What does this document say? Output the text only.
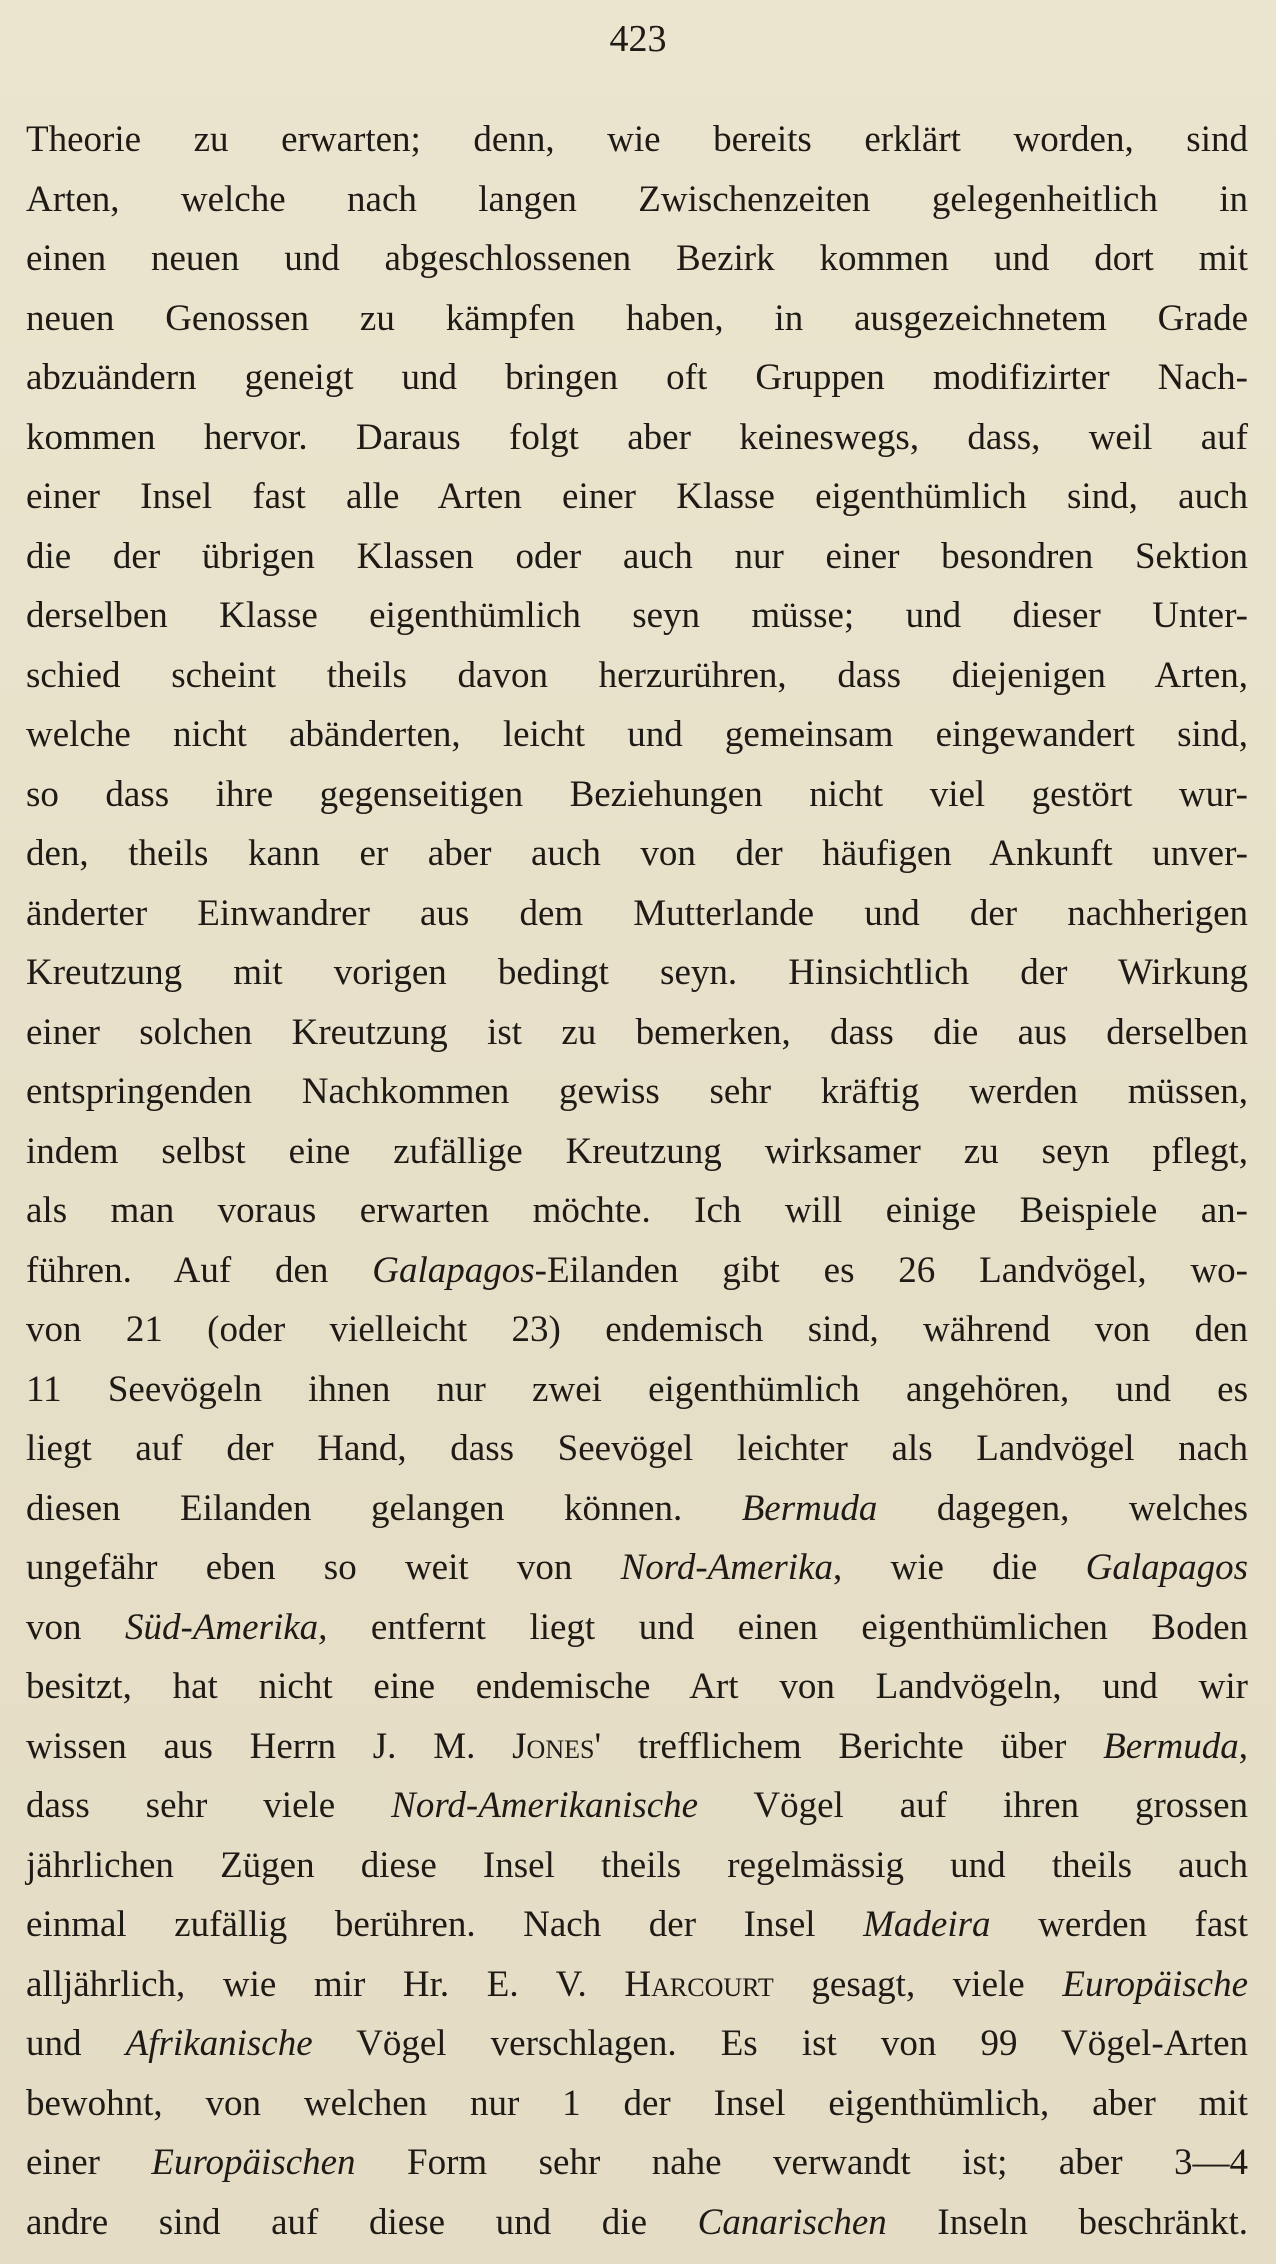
423
Theorie zu erwarten; denn, wie bereits erklärt worden, sind
Arten, welche nach langen Zwischenzeiten gelegenheitlich in
einen neuen und abgeschlossenen Bezirk kommen und dort mit
neuen Genossen zu kämpfen haben, in ausgezeichnetem Grade
abzuändern geneigt und bringen oft Gruppen modifizirter Nach-
kommen hervor. Daraus folgt aber keineswegs, dass, weil auf
einer Insel fast alle Arten einer Klasse eigenthümlich sind, auch
die der übrigen Klassen oder auch nur einer besondren Sektion
derselben Klasse eigenthümlich seyn müsse; und dieser Unter-
schied scheint theils davon herzurühren, dass diejenigen Arten,
welche nicht abänderten, leicht und gemeinsam eingewandert sind,
so dass ihre gegenseitigen Beziehungen nicht viel gestört wur-
den, theils kann er aber auch von der häufigen Ankunft unver-
änderter Einwandrer aus dem Mutterlande und der nachherigen
Kreutzung mit vorigen bedingt seyn. Hinsichtlich der Wirkung
einer solchen Kreutzung ist zu bemerken, dass die aus derselben
entspringenden Nachkommen gewiss sehr kräftig werden müssen,
indem selbst eine zufällige Kreutzung wirksamer zu seyn pflegt,
als man voraus erwarten möchte. Ich will einige Beispiele an-
führen. Auf den Galapagos-Eilanden gibt es 26 Landvögel, wo-
von 21 (oder vielleicht 23) endemisch sind, während von den
11 Seevögeln ihnen nur zwei eigenthümlich angehören, und es
liegt auf der Hand, dass Seevögel leichter als Landvögel nach
diesen Eilanden gelangen können. Bermuda dagegen, welches
ungefähr eben so weit von Nord-Amerika, wie die Galapagos
von Süd-Amerika, entfernt liegt und einen eigenthümlichen Boden
besitzt, hat nicht eine endemische Art von Landvögeln, und wir
wissen aus Herrn J. M. Jones' trefflichem Berichte über Bermuda,
dass sehr viele Nord-Amerikanische Vögel auf ihren grossen
jährlichen Zügen diese Insel theils regelmässig und theils auch
einmal zufällig berühren. Nach der Insel Madeira werden fast
alljährlich, wie mir Hr. E. V. Harcourt gesagt, viele Europäische
und Afrikanische Vögel verschlagen. Es ist von 99 Vögel-Arten
bewohnt, von welchen nur 1 der Insel eigenthümlich, aber mit
einer Europäischen Form sehr nahe verwandt ist; aber 3—4
andre sind auf diese und die Canarischen Inseln beschränkt.
